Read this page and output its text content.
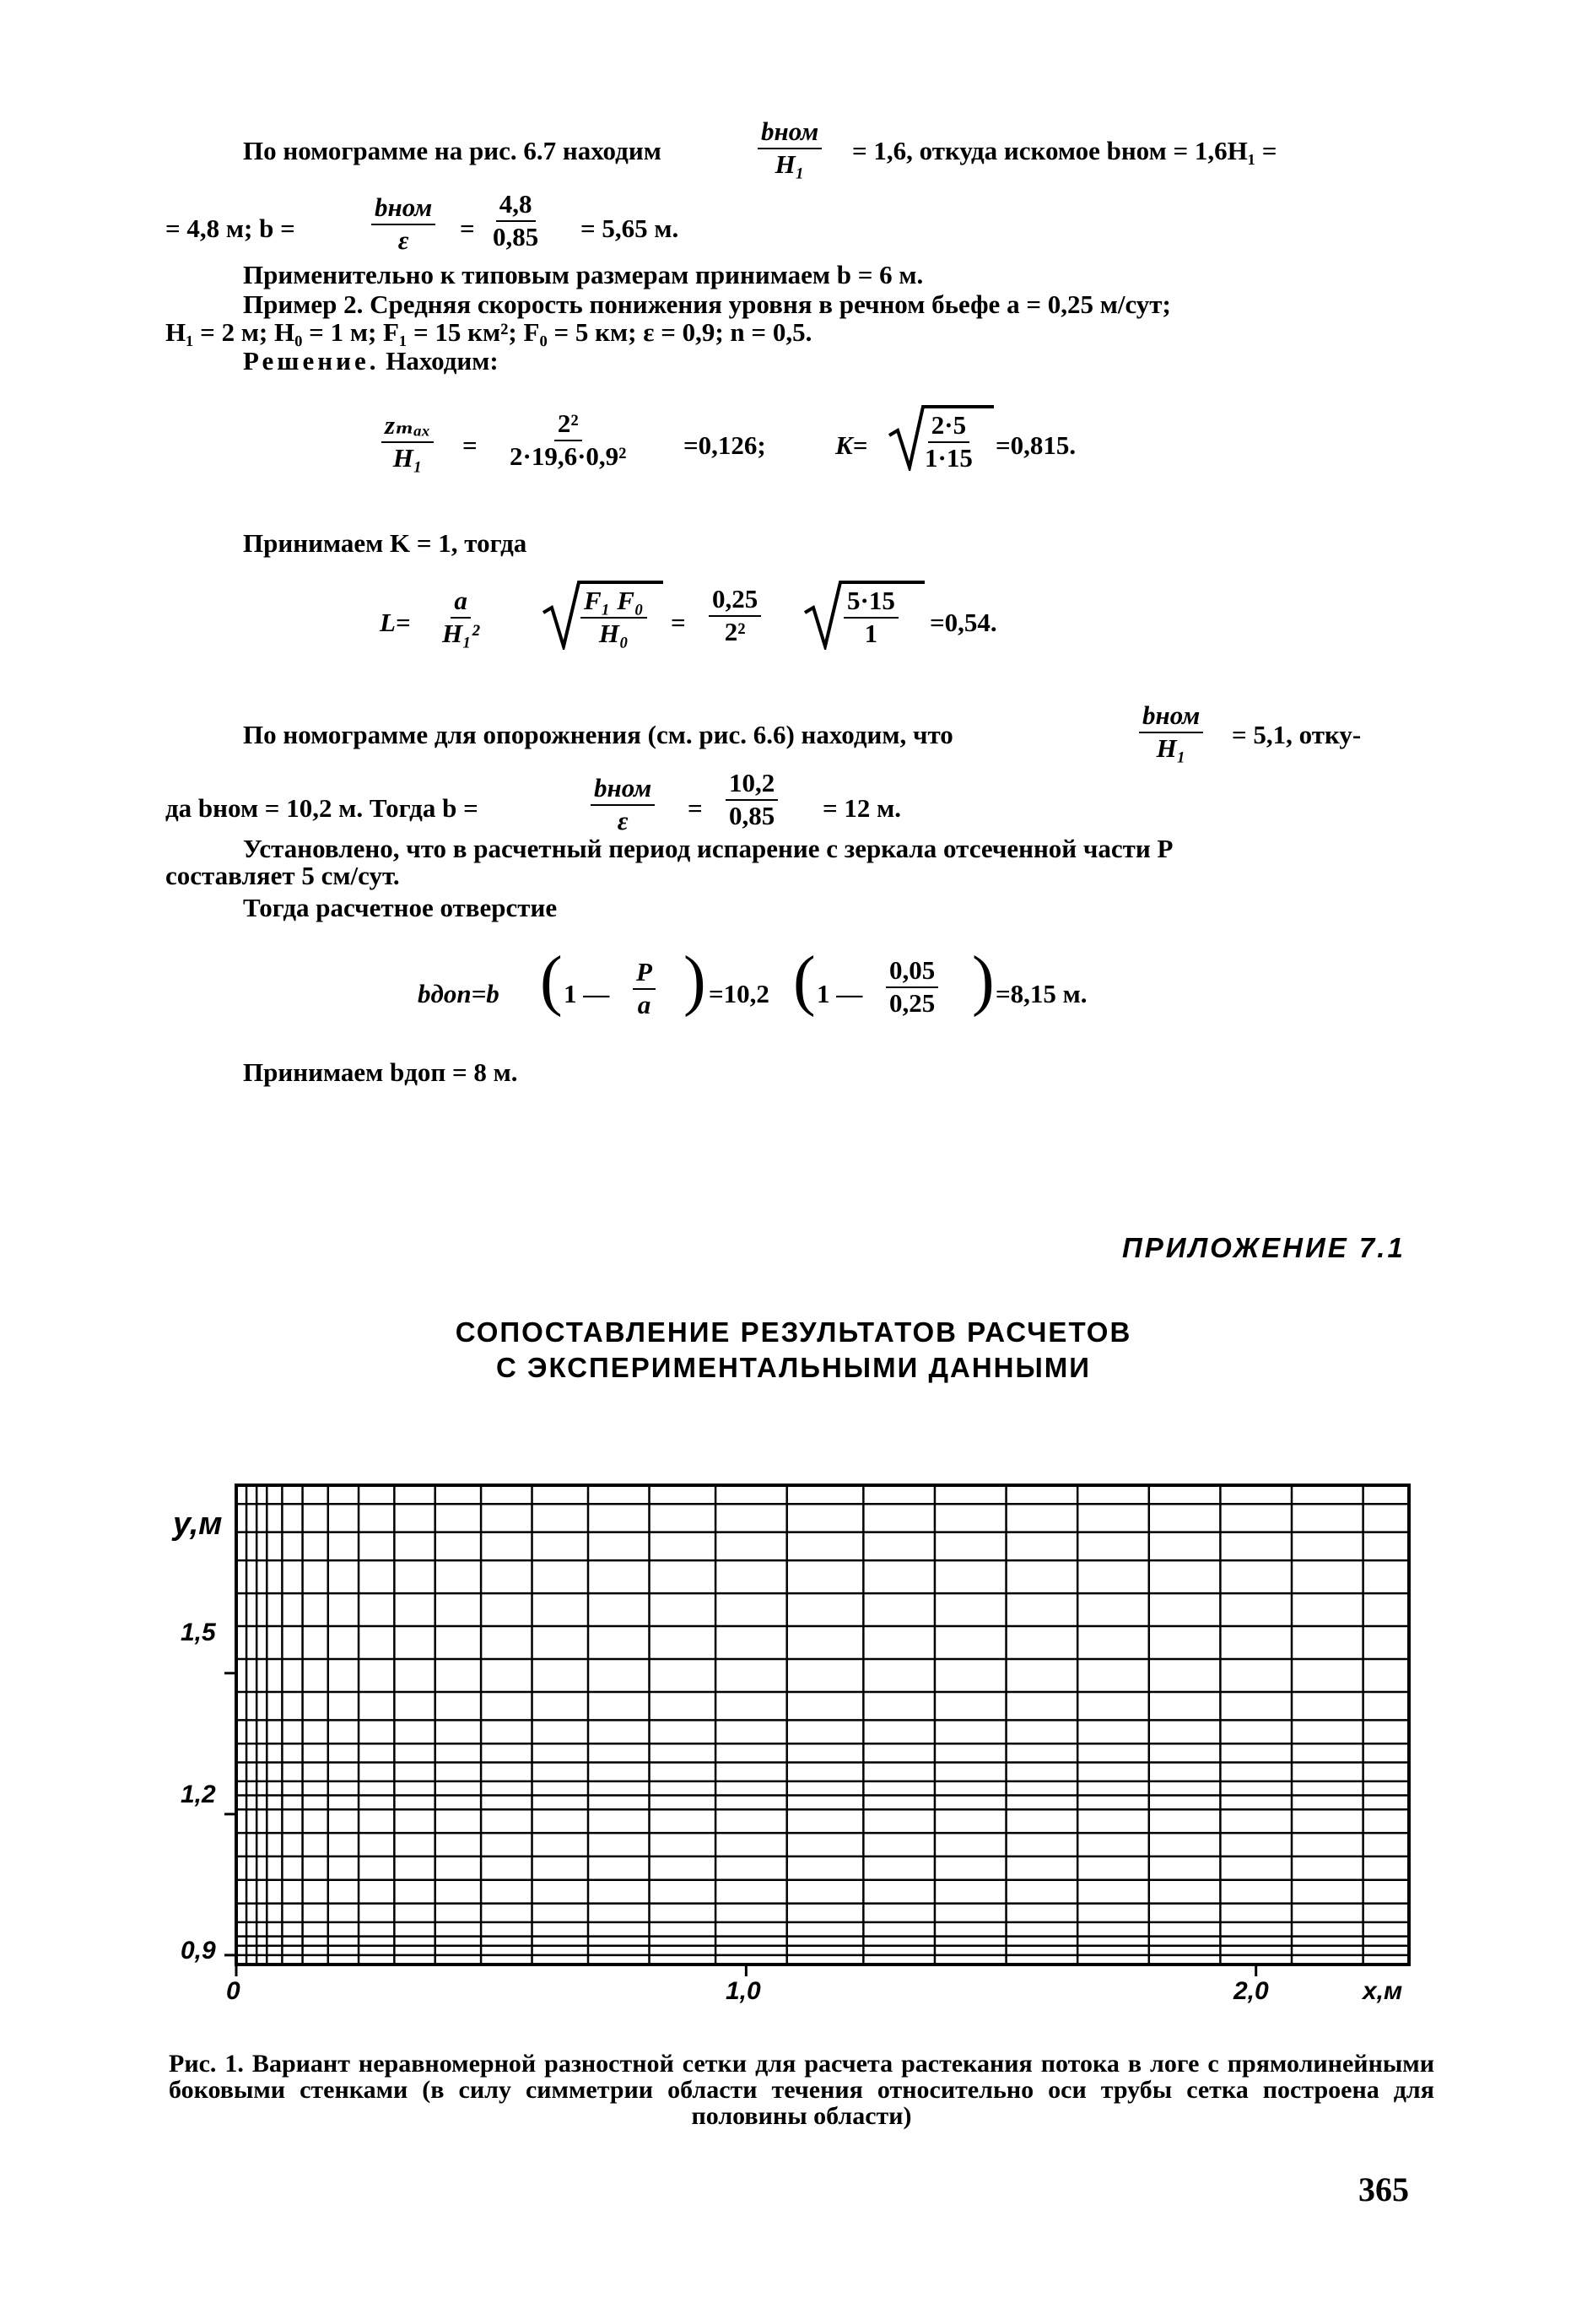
По номограмме на рис. 6.7 находим
bном
H₁ = 1,6, откуда искомое bном = 1,6H₁ =
= 4,8 м; b =
bном
$\varepsilon = \frac{4,8}{0,85} = 5,65$ м.
Применительно к типовым размерам принимаем b = 6 м.
Пример 2. Средняя скорость понижения уровня в речном бьефе a = 0,25 м/сут;
H₁ = 2 м; H₀ = 1 м; F₁ = 15 км²; F₀ = 5 км; ε = 0,9; n = 0,5.
Решение. Находим:
zₘₐₓ
$H_1 = \frac{\text{2²}}{\text{2·19,6·0,9²}} =0,126$;	$K= \frac{2\cdot 5}{1\cdot 15} =0,815$.
Принимаем K = 1, тогда
$L= \frac{a}{\text{H₁²}}$	$\frac{\text{F₁ F₀}}{\text{H₀}} = \frac{0,25}{\text{2²}}$	$\frac{5\cdot 15}{1} =0,54$.
По номограмме для опорожнения (см. рис. 6.6) находим, что
bном
H₁ = 5,1, отку-
да bном = 10,2 м. Тогда b =
bном
$\varepsilon = \frac{10,2}{0,85} = 12$ м.
Установлено, что в расчетный период испарение с зеркала отсеченной части P
составляет 5 см/сут.
Тогда расчетное отверстие
bдоп=b ( 1 — $\frac{P}{a}$ ) =10,2 ( 1 — $\frac{0,05}{0,25}$ ) =8,15 м.
Принимаем bдоп = 8 м.
ПРИЛОЖЕНИЕ 7.1
СОПОСТАВЛЕНИЕ РЕЗУЛЬТАТОВ РАСЧЕТОВ
С ЭКСПЕРИМЕНТАЛЬНЫМИ ДАННЫМИ
y,м
1,5
1,2
0,9
0	1,0	2,0	x,м
Рис. 1. Вариант неравномерной разностной сетки для расчета растекания потока в логе с прямолинейными боковыми стенками (в силу симметрии области течения относительно оси трубы сетка построена для половины области)
365
